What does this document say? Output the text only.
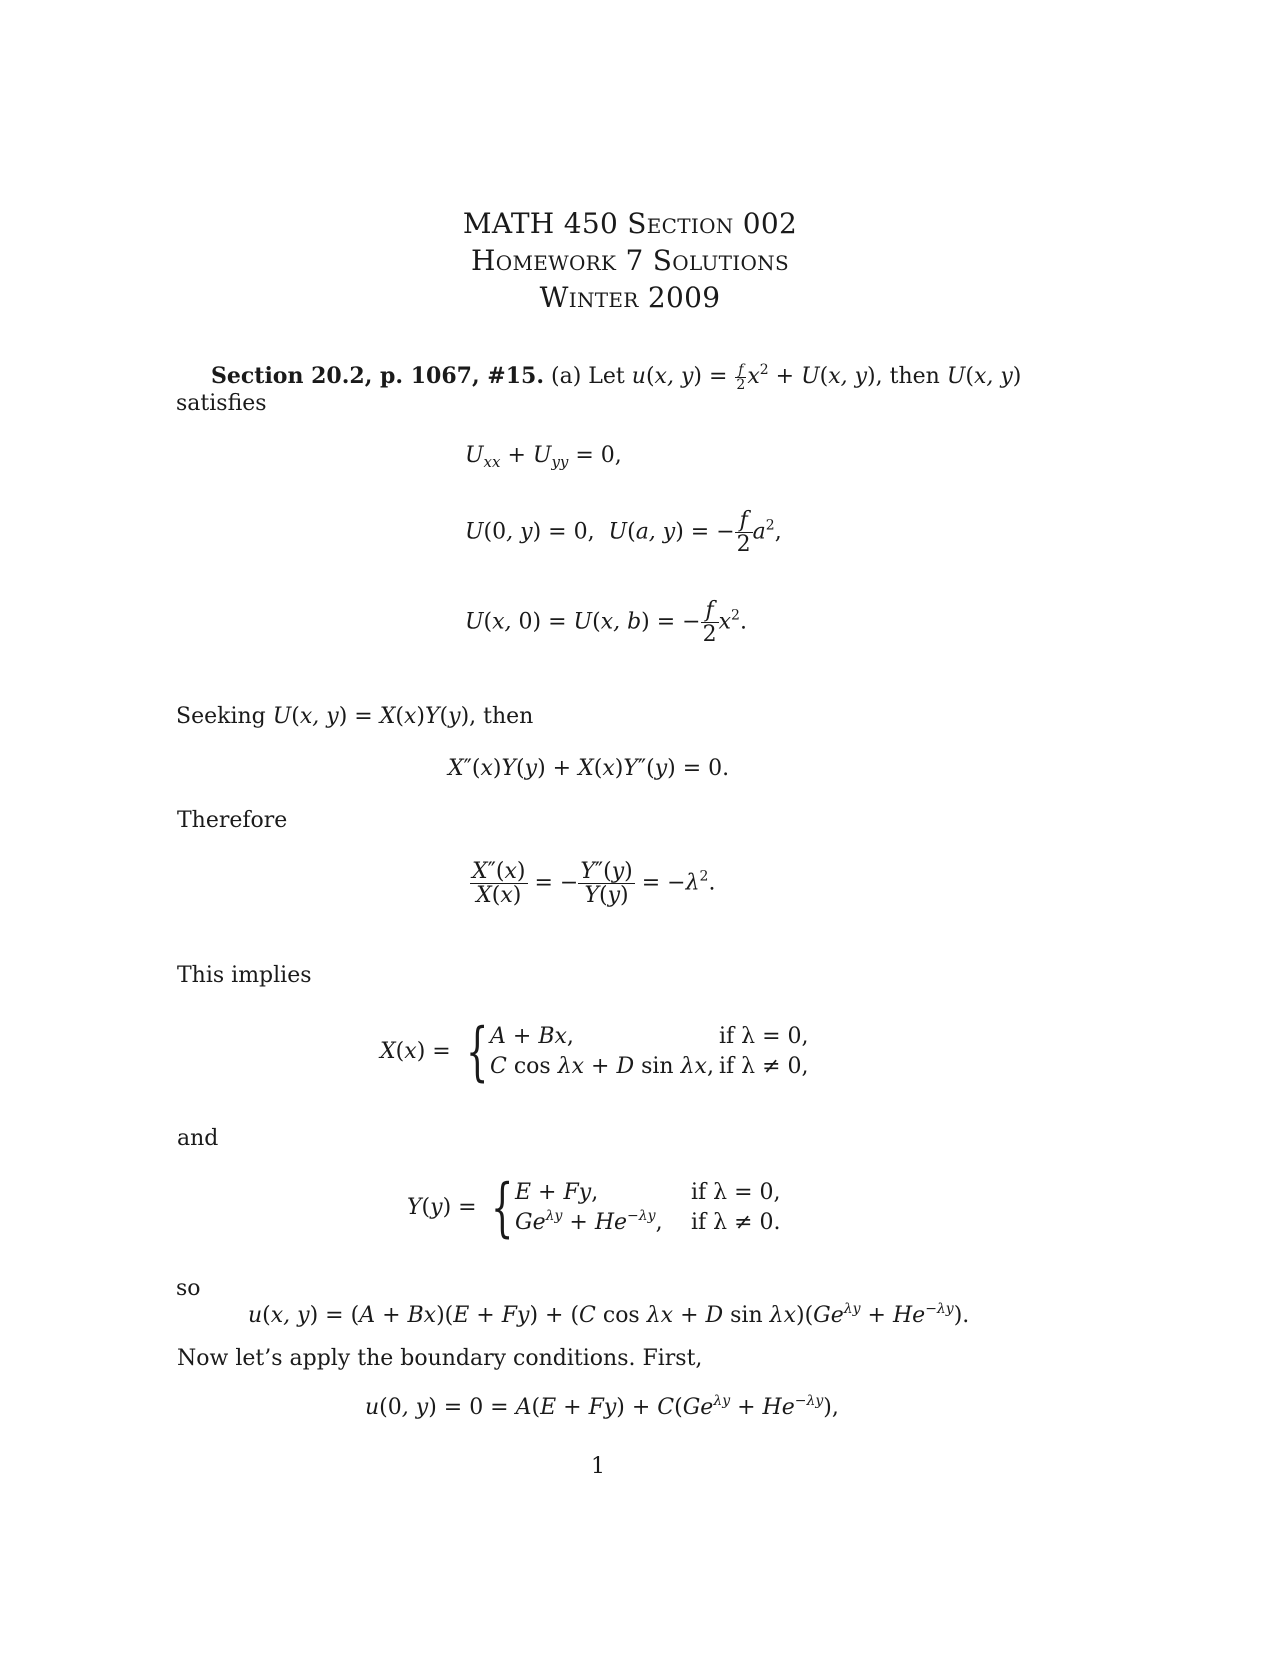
MATH 450 Section 002
Homework 7 Solutions
Winter 2009
Section 20.2, p. 1067, #15. (a) Let u(x, $y) = \frac{f}{2} x^2 + U(x$, y), then U(x, y)
satisfies
$U_{xx} + U_{yy} = 0$,
U(0, y) = 0,  U(a, y) = − $\frac{f}{2} a^2$,
U(x, 0) = U(x, b) = − $\frac{f}{2} x^2$.
Seeking U(x, y) = X(x)Y(y), then
X″(x)Y(y) + X(x)Y″(y) = 0.
Therefore
$\frac{X''(x)}{X(x)}$ = − $\frac{Y''(y)}{Y(y)} = -\lambda^2$.
This implies
X(x) = { A + Bx,
C cos λx + D sin λx,
if λ = 0,
if λ ≠ 0,
and
Y(y) = { E + Fy,
$Ge^{\lambda y} + He^{-\lambda y}$,
if λ = 0,
if λ ≠ 0.
so
u(x, y) = (A + Bx)(E + Fy) + (C cos λx + D $\sin \lambda x)(Ge^{\lambda y} + He^{-\lambda y})$.
Now let’s apply the boundary conditions. First,
u(0, $y) = 0 = A(E + Fy) + C(Ge^{\lambda y} + He^{-\lambda y})$,
1
